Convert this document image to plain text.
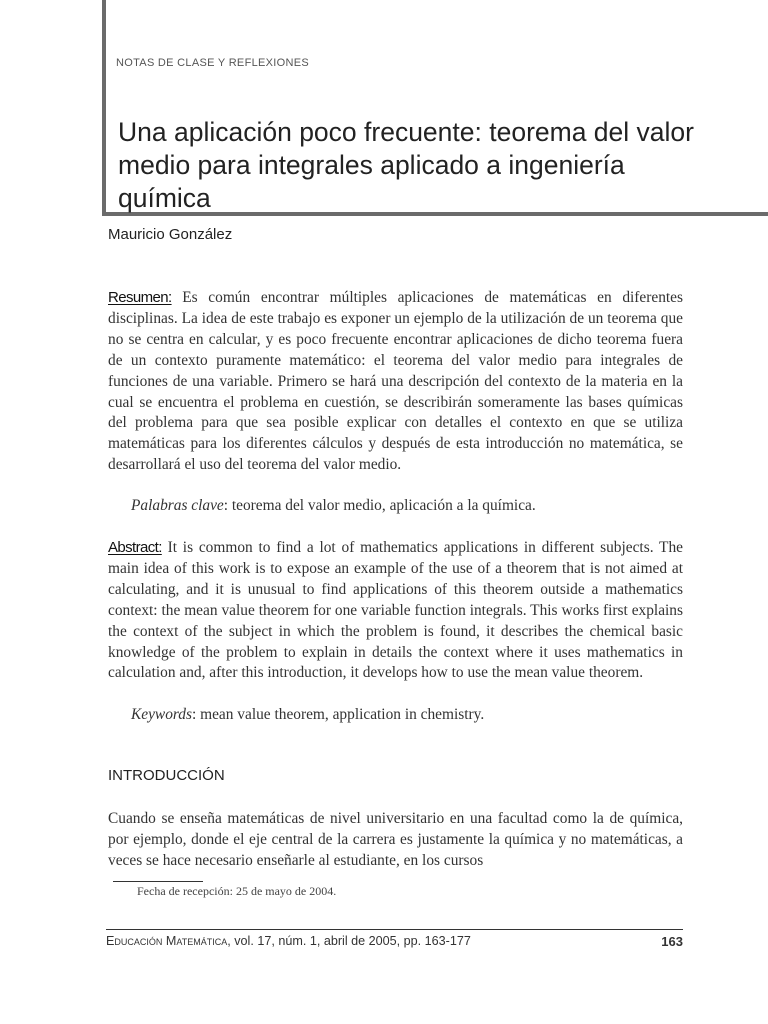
NOTAS DE CLASE Y REFLEXIONES
Una aplicación poco frecuente: teorema del valor medio para integrales aplicado a ingeniería química
Mauricio González

Resumen: Es común encontrar múltiples aplicaciones de matemáticas en diferentes disciplinas. La idea de este trabajo es exponer un ejemplo de la utilización de un teorema que no se centra en calcular, y es poco frecuente encontrar aplicaciones de dicho teorema fuera de un contexto puramente matemático: el teorema del valor medio para integrales de funciones de una variable. Primero se hará una descripción del contexto de la materia en la cual se encuentra el problema en cuestión, se describirán someramente las bases químicas del problema para que sea posible explicar con detalles el contexto en que se utiliza matemáticas para los diferentes cálculos y después de esta introducción no matemática, se desarrollará el uso del teorema del valor medio.

Palabras clave: teorema del valor medio, aplicación a la química.

Abstract: It is common to find a lot of mathematics applications in different subjects. The main idea of this work is to expose an example of the use of a theorem that is not aimed at calculating, and it is unusual to find applications of this theorem outside a mathematics context: the mean value theorem for one variable function integrals. This works first explains the context of the subject in which the problem is found, it describes the chemical basic knowledge of the problem to explain in details the context where it uses mathematics in calculation and, after this introduction, it develops how to use the mean value theorem.

Keywords: mean value theorem, application in chemistry.

INTRODUCCIÓN

Cuando se enseña matemáticas de nivel universitario en una facultad como la de química, por ejemplo, donde el eje central de la carrera es justamente la química y no matemáticas, a veces se hace necesario enseñarle al estudiante, en los cursos

Fecha de recepción: 25 de mayo de 2004.
Educación Matemática, vol. 17, núm. 1, abril de 2005, pp. 163-177	163
